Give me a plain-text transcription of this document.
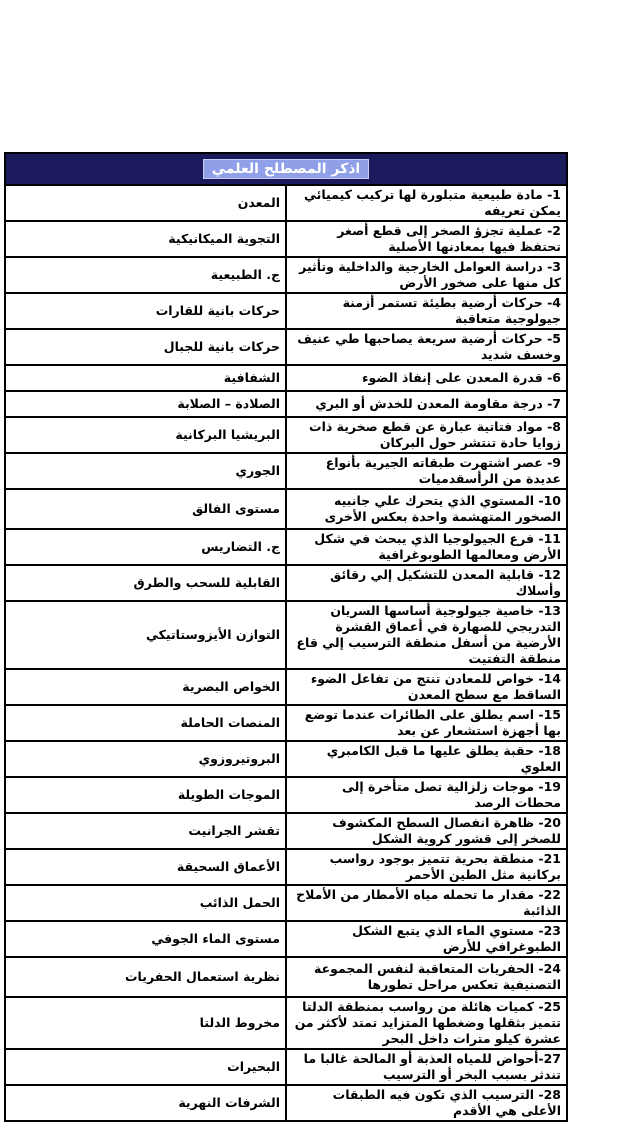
اذكر المصطلح العلمي	
1- مادة طبيعية متبلورة لها تركيب كيميائي يمكن تعريفه	المعدن
2- عملية تجزؤ الصخر إلى قطع أصغر تحتفظ فيها بمعادنها الأصلية	التجوية الميكانيكية
3- دراسة العوامل الخارجية والداخلية وتأثير كل منها على صخور الأرض	ج. الطبيعية
4- حركات أرضية بطيئة تستمر أزمنة جيولوجية متعاقبة	حركات بانية للقارات
5- حركات أرضية سريعة يصاحبها طي عنيف وخسف شديد	حركات بانية للجبال
6- قدرة المعدن على إنفاذ الضوء	الشفافية
7- درجة مقاومة المعدن للخدش أو البري	الصلادة – الصلابة
8- مواد فتاتية عبارة عن قطع صخرية ذات زوايا حادة تنتشر حول البركان	البريشيا البركانية
9- عصر اشتهرت طبقاته الجيرية بأنواع عديدة من الرأسقدميات	الجوري
10- المستوي الذي يتحرك علي جانبيه الصخور المتهشمة واحدة بعكس الأخرى	مستوى الفالق
11- فرع الجيولوجيا الذي يبحث في شكل الأرض ومعالمها الطوبوغرافية	ج. التضاريس
12- قابلية المعدن للتشكيل إلي رقائق وأسلاك	القابلية للسحب والطرق
13- خاصية جيولوجية أساسها السريان التدريجي للصهارة في أعماق القشرة الأرضية من أسفل منطقة الترسيب إلي قاع منطقة التفتيت	التوازن الأيزوستاتيكي
14- خواص للمعادن تنتج من تفاعل الضوء الساقط مع سطح المعدن	الخواص البصرية
15- اسم يطلق على الطائرات عندما توضع بها أجهزة استشعار عن بعد	المنصات الحاملة
18- حقبة يطلق عليها ما قبل الكامبري العلوي	البروتيروزوي
19- موجات زلزالية تصل متأخرة إلى محطات الرصد	الموجات الطويلة
20- ظاهرة انفصال السطح المكشوف للصخر إلى قشور كروية الشكل	تقشر الجرانيت
21- منطقة بحرية تتميز بوجود رواسب بركانية مثل الطين الأحمر	الأعماق السحيقة
22- مقدار ما تحمله مياه الأمطار من الأملاح الذائبة	الحمل الذائب
23- مستوي الماء الذي يتبع الشكل الطبوغرافي للأرض	مستوى الماء الجوفي
24- الحفريات المتعاقبة لنفس المجموعة التصنيفية تعكس مراحل تطورها	نظرية استعمال الحفريات
25- كميات هائلة من رواسب بمنطقة الدلتا تتميز بثقلها وضغطها المتزايد تمتد لأكثر من عشرة كيلو مترات داخل البحر	مخروط الدلتا
27-أحواض للمياه العذبة أو المالحة غالبا ما تندثر بسبب البخر أو الترسيب	البحيرات
28- الترسيب الذي تكون فيه الطبقات الأعلى هي الأقدم	الشرفات النهرية
